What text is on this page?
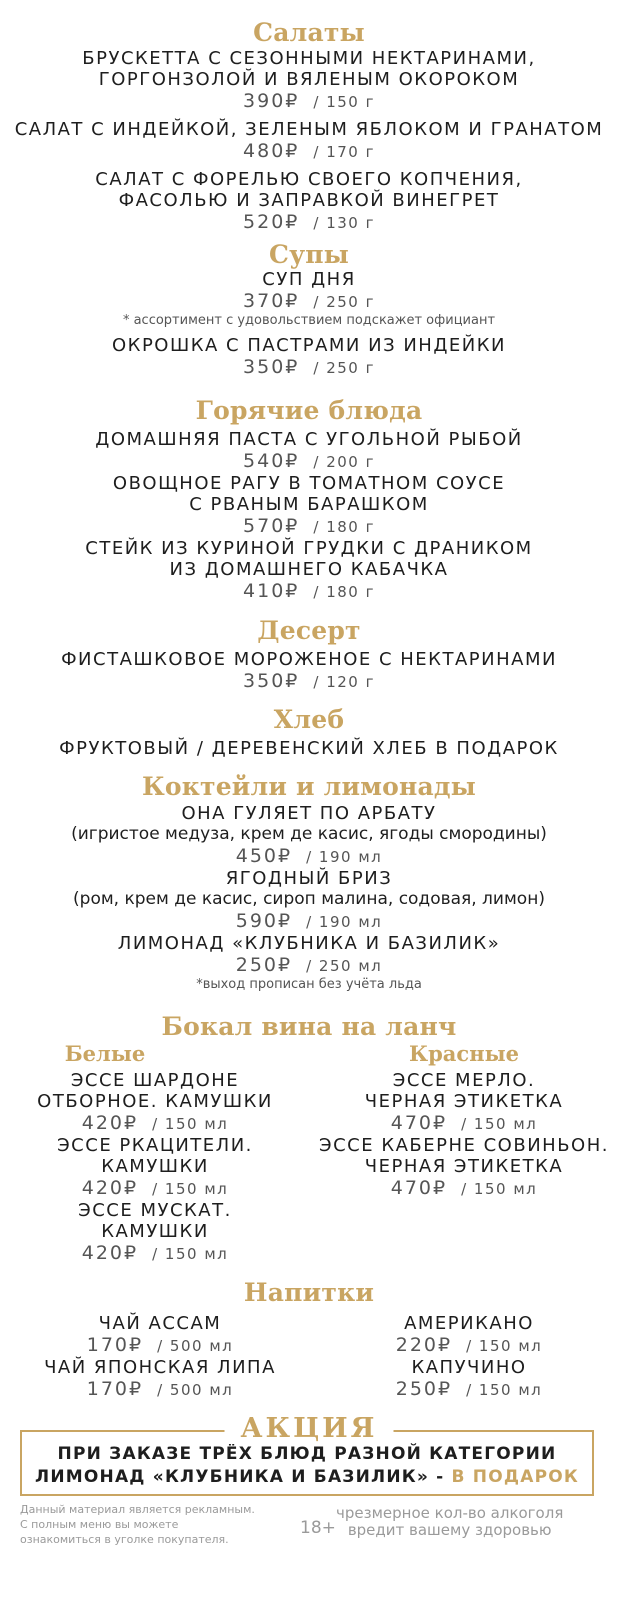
Салаты
БРУСКЕТТА С СЕЗОННЫМИ НЕКТАРИНАМИ,
ГОРГОНЗОЛОЙ И ВЯЛЕНЫМ ОКОРОКОМ
390₽ / 150 г
САЛАТ С ИНДЕЙКОЙ, ЗЕЛЕНЫМ ЯБЛОКОМ И ГРАНАТОМ
480₽ / 170 г
САЛАТ С ФОРЕЛЬЮ СВОЕГО КОПЧЕНИЯ,
ФАСОЛЬЮ И ЗАПРАВКОЙ ВИНЕГРЕТ
520₽ / 130 г
Супы
СУП ДНЯ
370₽ / 250 г
* ассортимент с удовольствием подскажет официант
ОКРОШКА С ПАСТРАМИ ИЗ ИНДЕЙКИ
350₽ / 250 г
Горячие блюда
ДОМАШНЯЯ ПАСТА С УГОЛЬНОЙ РЫБОЙ
540₽ / 200 г
ОВОЩНОЕ РАГУ В ТОМАТНОМ СОУСЕ
С РВАНЫМ БАРАШКОМ
570₽ / 180 г
СТЕЙК ИЗ КУРИНОЙ ГРУДКИ С ДРАНИКОМ
ИЗ ДОМАШНЕГО КАБАЧКА
410₽ / 180 г
Десерт
ФИСТАШКОВОЕ МОРОЖЕНОЕ С НЕКТАРИНАМИ
350₽ / 120 г
Хлеб
ФРУКТОВЫЙ / ДЕРЕВЕНСКИЙ ХЛЕБ В ПОДАРОК
Коктейли и лимонады
ОНА ГУЛЯЕТ ПО АРБАТУ
(игристое медуза, крем де касис, ягоды смородины)
450₽ / 190 мл
ЯГОДНЫЙ БРИЗ
(ром, крем де касис, сироп малина, содовая, лимон)
590₽ / 190 мл
ЛИМОНАД «КЛУБНИКА И БАЗИЛИК»
250₽ / 250 мл
*выход прописан без учёта льда
Бокал вина на ланч
Белые
ЭССЕ ШАРДОНЕ
ОТБОРНОЕ. КАМУШКИ
420₽ / 150 мл
ЭССЕ РКАЦИТЕЛИ.
КАМУШКИ
420₽ / 150 мл
ЭССЕ МУСКАТ.
КАМУШКИ
420₽ / 150 мл
Красные
ЭССЕ МЕРЛО.
ЧЕРНАЯ ЭТИКЕТКА
470₽ / 150 мл
ЭССЕ КАБЕРНЕ СОВИНЬОН.
ЧЕРНАЯ ЭТИКЕТКА
470₽ / 150 мл
Напитки
ЧАЙ АССАМ
170₽ / 500 мл
ЧАЙ ЯПОНСКАЯ ЛИПА
170₽ / 500 мл
АМЕРИКАНО
220₽ / 150 мл
КАПУЧИНО
250₽ / 150 мл
ПРИ ЗАКАЗЕ ТРЁХ БЛЮД РАЗНОЙ КАТЕГОРИИ
ЛИМОНАД «КЛУБНИКА И БАЗИЛИК» - В ПОДАРОК
АКЦИЯ
Данный материал является рекламным.
С полным меню вы можете
ознакомиться в уголке покупателя.
18+
чрезмерное кол-во алкоголя
вредит вашему здоровью
